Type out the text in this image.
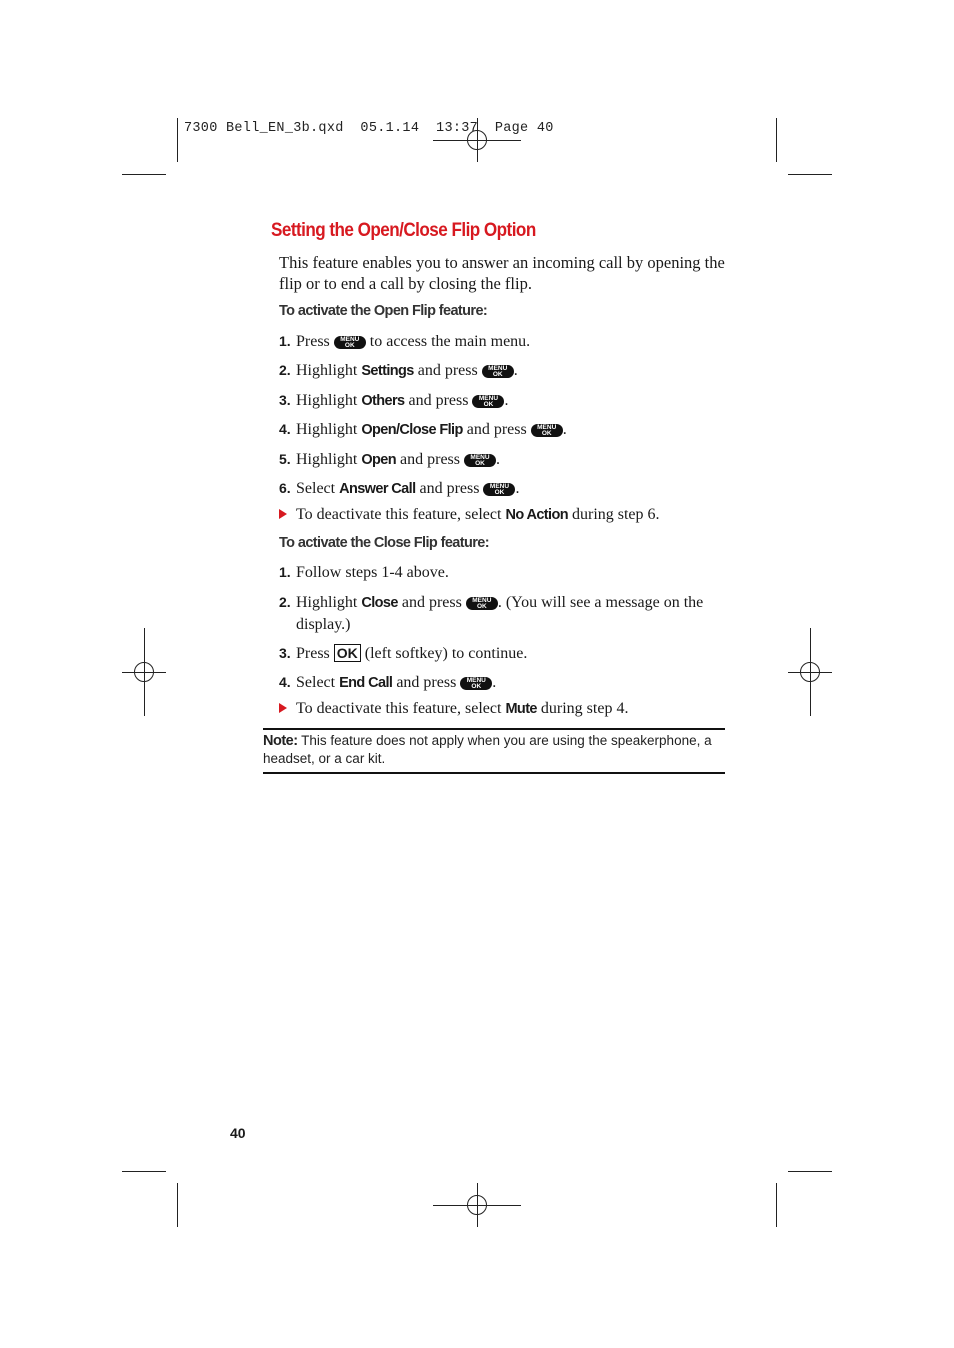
7300 Bell_EN_3b.qxd  05.1.14  13:37  Page 40
Setting the Open/Close Flip Option
This feature enables you to answer an incoming call by opening the flip or to end a call by closing the flip.
To activate the Open Flip feature:
1. Press	MENU
OK to access the main menu.
2. Highlight Settings and press	MENU
OK .
3. Highlight Others and press	MENU
OK .
4. Highlight Open/Close Flip and press	MENU
OK .
5. Highlight Open and press	MENU
OK .
6. Select Answer Call and press	MENU
OK .
To deactivate this feature, select No Action during step 6.
To activate the Close Flip feature:
1. Follow steps 1-4 above.
2. Highlight Close and press	MENU
OK . (You will see a message on the display.)
3. Press OK (left softkey) to continue.
4. Select End Call and press	MENU
OK .
To deactivate this feature, select Mute during step 4.
Note: This feature does not apply when you are using the speakerphone, a headset, or a car kit.
40
